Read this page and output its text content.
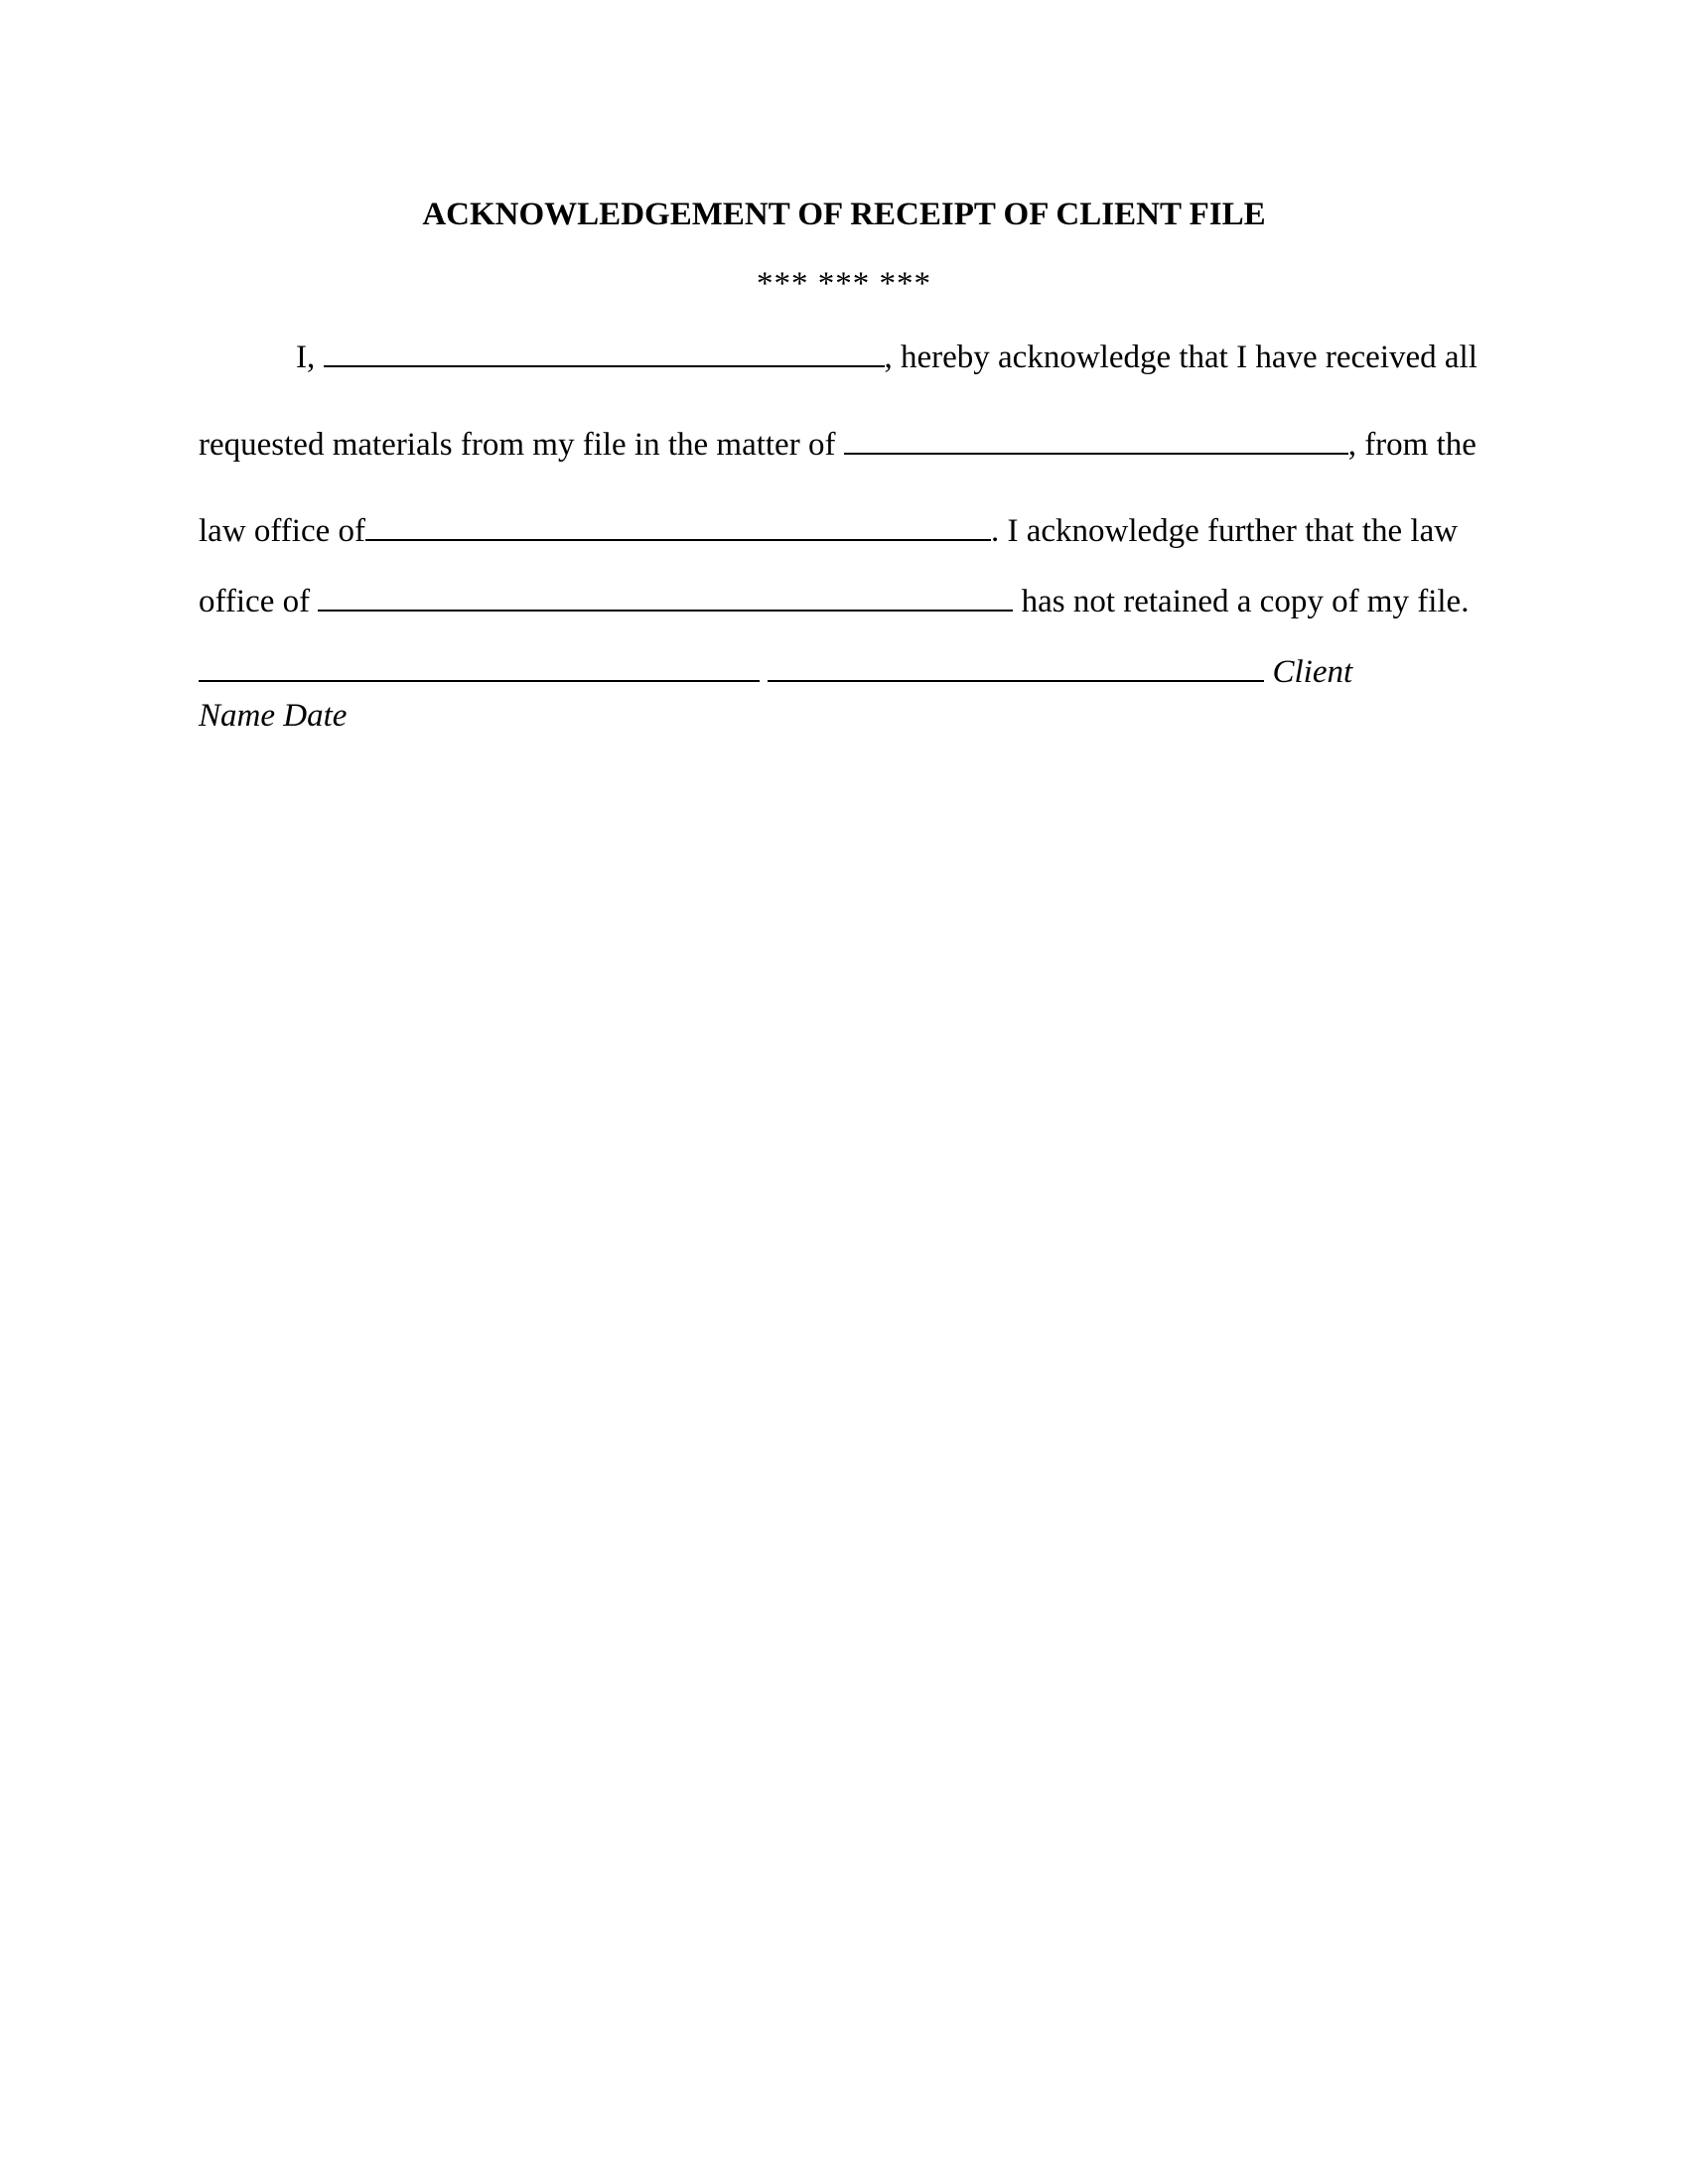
ACKNOWLEDGEMENT OF RECEIPT OF CLIENT FILE
*** *** ***
I,	, hereby acknowledge that I have received all
requested materials from my file in the matter of	, from the
law office of	. I acknowledge further that the law
office of	has not retained a copy of my file.
Client
Name Date
